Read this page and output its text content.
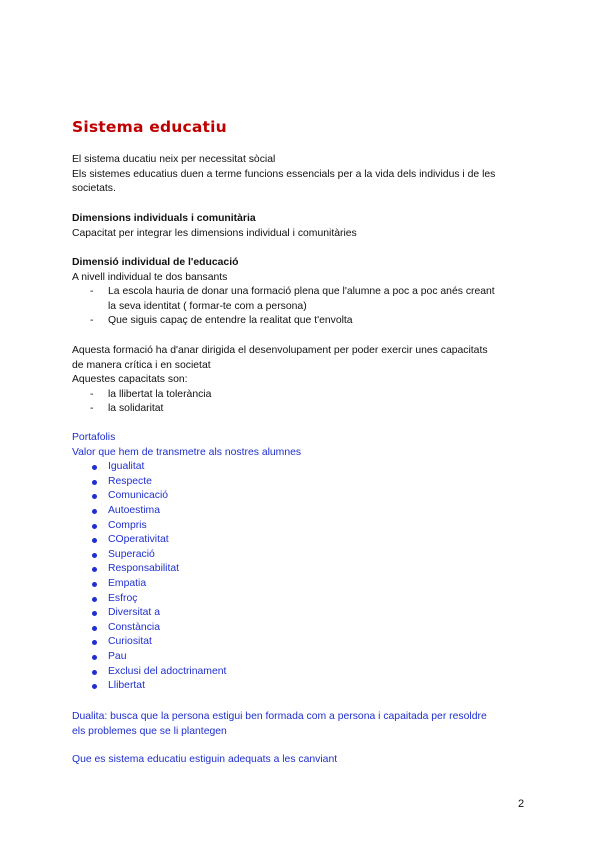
Sistema educatiu
El sistema ducatiu neix per necessitat sòcial
Els sistemes educatius duen a terme funcions essencials per a la vida dels individus i de les
societats.
Dimensions individuals i comunitària
Capacitat per integrar les dimensions individual i comunitàries
Dimensió individual de l'educació
A nivell individual te dos bansants
- La escola hauria de donar una formació plena que l'alumne a poc a poc anés creant
la seva identitat ( formar-te com a persona)
- Que siguis capaç de entendre la realitat que t'envolta
Aquesta formació ha d'anar dirigida el desenvolupament per poder exercir unes capacitats
de manera crítica i en societat
Aquestes capacitats son:
- la llibertat la tolerància
- la solidaritat
Portafolis
Valor que hem de transmetre als nostres alumnes
Igualitat
Respecte
Comunicació
Autoestima
Compris
COperativitat
Superació
Responsabilitat
Empatia
Esfroç
Diversitat a
Constància
Curiositat
Pau
Exclusi del adoctrinament
Llibertat
Dualita: busca que la persona estigui ben formada com a persona i capaitada per resoldre
els problemes que se li plantegen
Que es sistema educatiu estiguin adequats a les canviant
2
